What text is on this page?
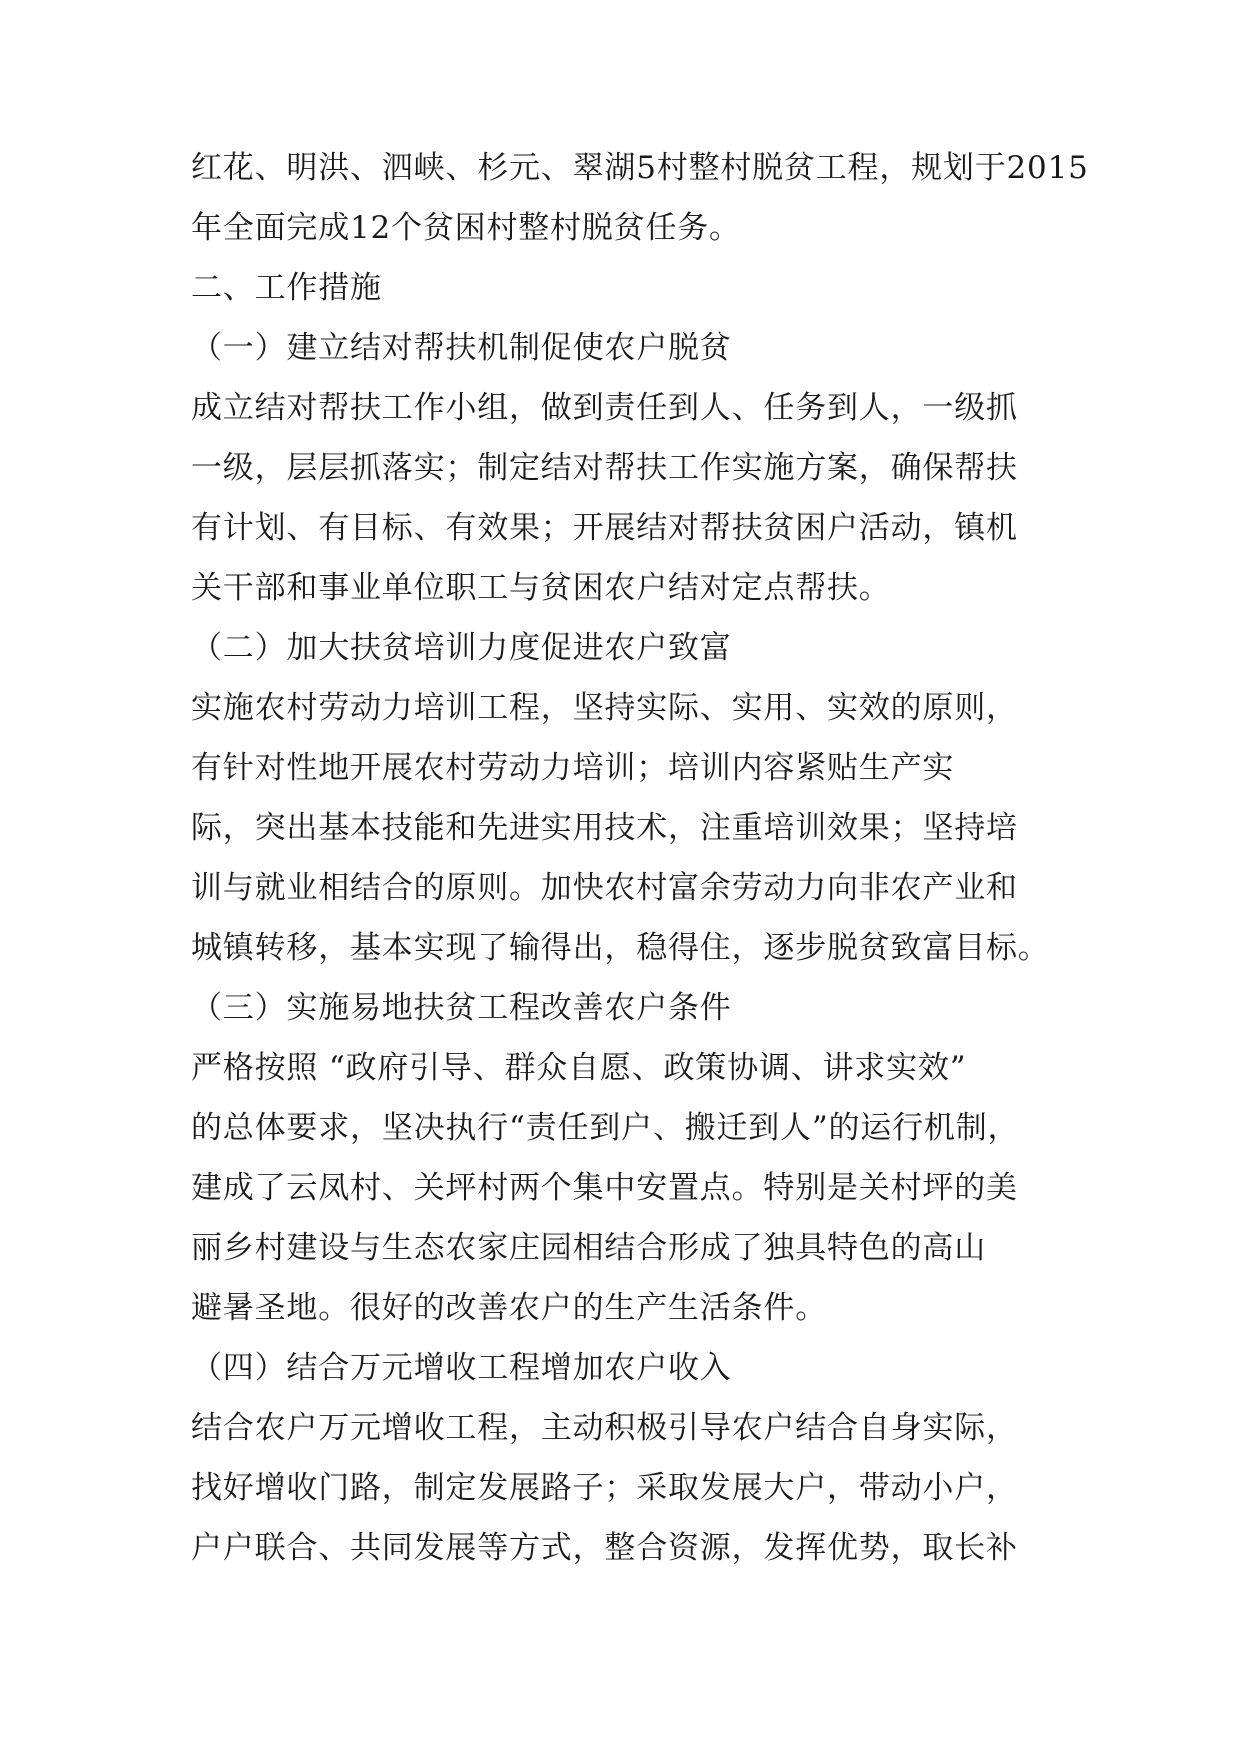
红花、明洪、泗峡、杉元、翠湖5村整村脱贫工程，规划于2015
年全面完成12个贫困村整村脱贫任务。
二、工作措施
（一）建立结对帮扶机制促使农户脱贫
成立结对帮扶工作小组，做到责任到人、任务到人，一级抓
一级，层层抓落实；制定结对帮扶工作实施方案，确保帮扶
有计划、有目标、有效果；开展结对帮扶贫困户活动，镇机
关干部和事业单位职工与贫困农户结对定点帮扶。
（二）加大扶贫培训力度促进农户致富
实施农村劳动力培训工程，坚持实际、实用、实效的原则，
有针对性地开展农村劳动力培训；培训内容紧贴生产实
际，突出基本技能和先进实用技术，注重培训效果；坚持培
训与就业相结合的原则。加快农村富余劳动力向非农产业和
城镇转移，基本实现了输得出，稳得住，逐步脱贫致富目标。
（三）实施易地扶贫工程改善农户条件
严格按照 “政府引导、群众自愿、政策协调、讲求实效”
的总体要求，坚决执行“责任到户、搬迁到人”的运行机制，
建成了云凤村、关坪村两个集中安置点。特别是关村坪的美
丽乡村建设与生态农家庄园相结合形成了独具特色的高山
避暑圣地。很好的改善农户的生产生活条件。
（四）结合万元增收工程增加农户收入
结合农户万元增收工程，主动积极引导农户结合自身实际，
找好增收门路，制定发展路子；采取发展大户，带动小户，
户户联合、共同发展等方式，整合资源，发挥优势，取长补
